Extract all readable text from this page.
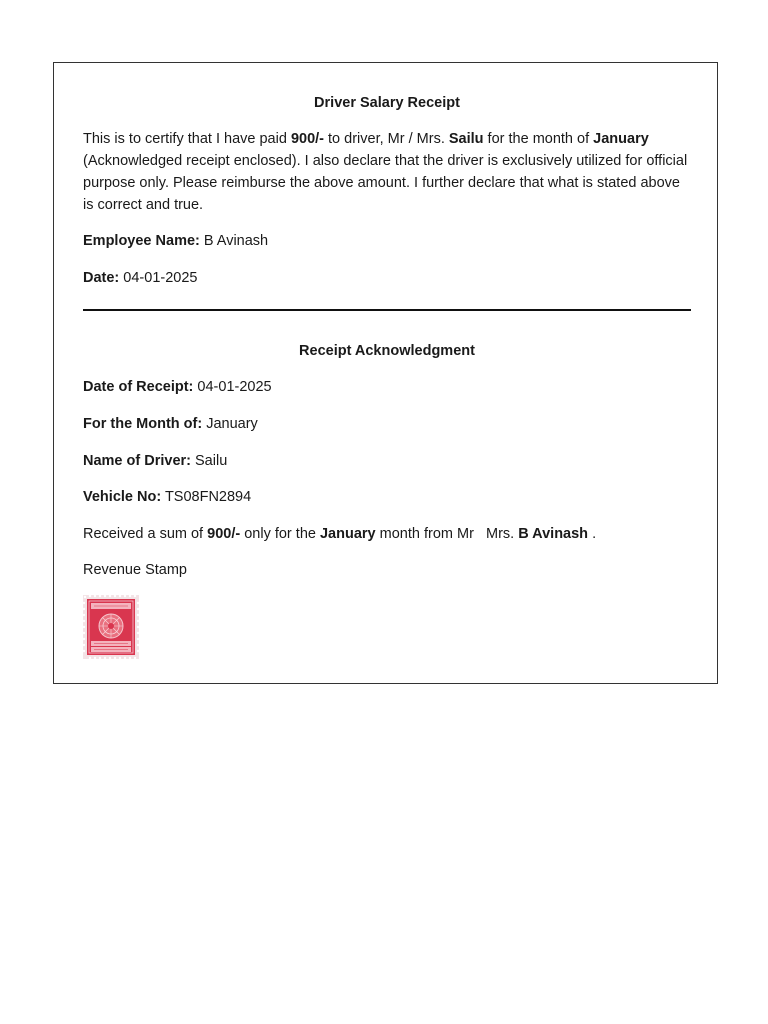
Driver Salary Receipt

This is to certify that I have paid 900/- to driver, Mr / Mrs. Sailu for the month of January (Acknowledged receipt enclosed). I also declare that the driver is exclusively utilized for official purpose only. Please reimburse the above amount. I further declare that what is stated above is correct and true.

Employee Name: B Avinash

Date: 04-01-2025

Receipt Acknowledgment

Date of Receipt: 04-01-2025

For the Month of: January

Name of Driver: Sailu

Vehicle No: TS08FN2894

Received a sum of 900/- only for the January month from Mr   Mrs. B Avinash .

Revenue Stamp
